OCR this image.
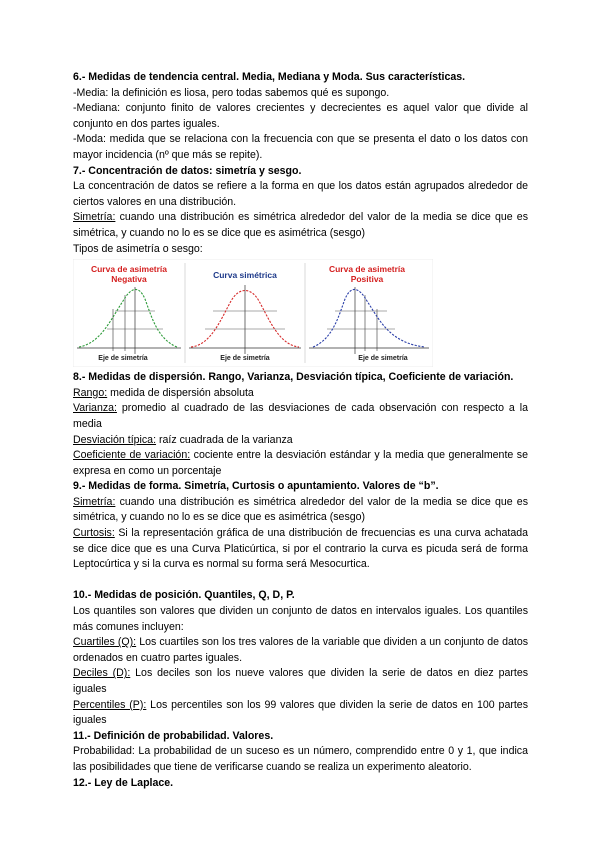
6.- Medidas de tendencia central. Media, Mediana y Moda. Sus características.

-Media: la definición es liosa, pero todas sabemos qué es supongo.

-Mediana: conjunto finito de valores crecientes y decrecientes es aquel valor que divide al conjunto en dos partes iguales.

-Moda: medida que se relaciona con la frecuencia con que se presenta el dato o los datos con mayor incidencia (nº que más se repite).

7.- Concentración de datos: simetría y sesgo.

La concentración de datos se refiere a la forma en que los datos están agrupados alrededor de ciertos valores en una distribución.

Simetría: cuando una distribución es simétrica alrededor del valor de la media se dice que es simétrica, y cuando no lo es se dice que es asimétrica (sesgo)

Tipos de asimetría o sesgo:

Curva de asimetría
Negativa
Eje de simetría
Curva simétrica
Eje de simetría
Curva de asimetría
Positiva
Eje de simetría

8.- Medidas de dispersión. Rango, Varianza, Desviación típica, Coeficiente de variación.

Rango: medida de dispersión absoluta

Varianza: promedio al cuadrado de las desviaciones de cada observación con respecto a la media

Desviación típica: raíz cuadrada de la varianza

Coeficiente de variación: cociente entre la desviación estándar y la media que generalmente se expresa en como un porcentaje

9.- Medidas de forma. Simetría, Curtosis o apuntamiento. Valores de “b”.

Simetría: cuando una distribución es simétrica alrededor del valor de la media se dice que es simétrica, y cuando no lo es se dice que es asimétrica (sesgo)

Curtosis: Si la representación gráfica de una distribución de frecuencias es una curva achatada se dice dice que es una Curva Platicúrtica, si por el contrario la curva es picuda será de forma Leptocúrtica y si la curva es normal su forma será Mesocurtica.

10.- Medidas de posición. Quantiles, Q, D, P.

Los quantiles son valores que dividen un conjunto de datos en intervalos iguales. Los quantiles más comunes incluyen:

Cuartiles (Q): Los cuartiles son los tres valores de la variable que dividen a un conjunto de datos ordenados en cuatro partes iguales.

Deciles (D): Los deciles son los nueve valores que dividen la serie de datos en diez partes iguales

Percentiles (P): Los percentiles son los 99 valores que dividen la serie de datos en 100 partes iguales

11.- Definición de probabilidad. Valores.

Probabilidad: La probabilidad de un suceso es un número, comprendido entre 0 y 1, que indica las posibilidades que tiene de verificarse cuando se realiza un experimento aleatorio.

12.- Ley de Laplace.
